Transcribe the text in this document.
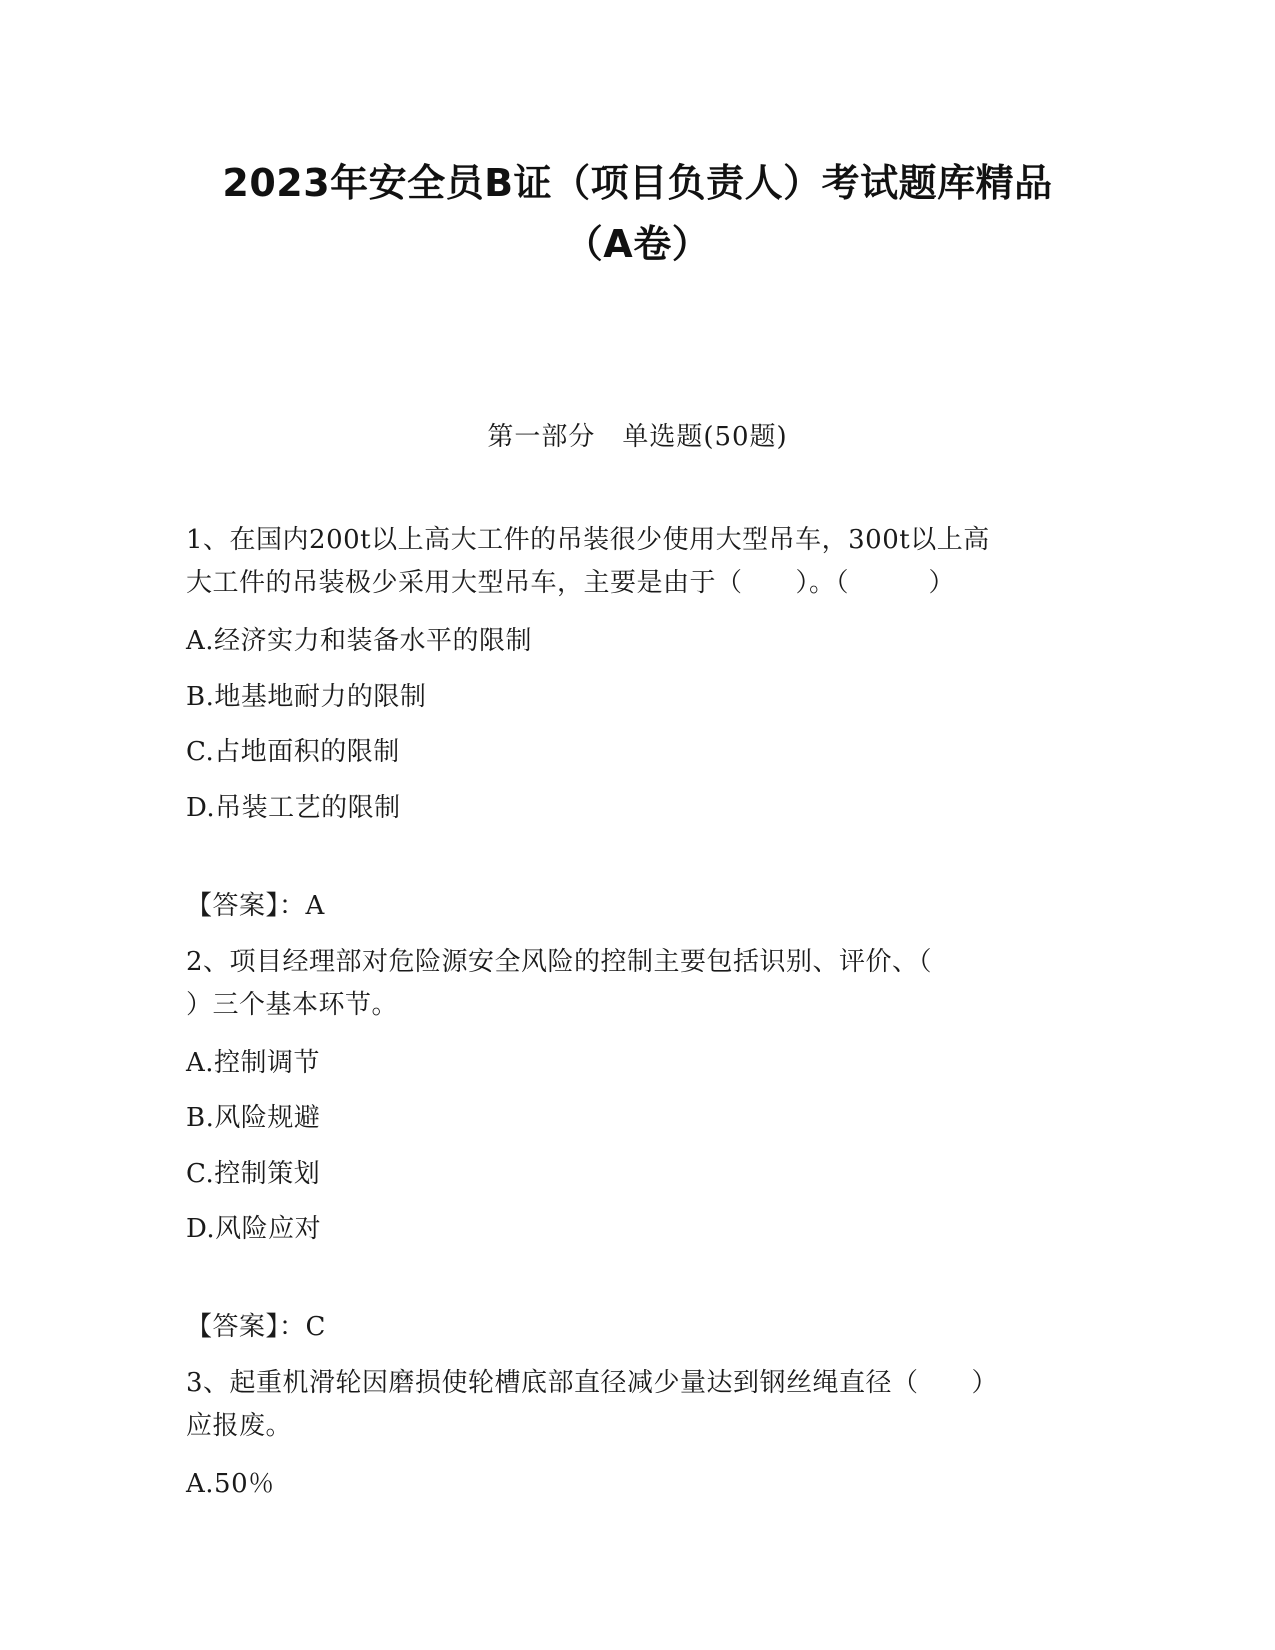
2023年安全员B证（项目负责人）考试题库精品
（A卷）
第一部分　单选题(50题)
1、在国内200t以上高大工件的吊装很少使用大型吊车，300t以上高
大工件的吊装极少采用大型吊车，主要是由于（　　）。（　　　）
A.经济实力和装备水平的限制
B.地基地耐力的限制
C.占地面积的限制
D.吊装工艺的限制
【答案】：A
2、项目经理部对危险源安全风险的控制主要包括识别、评价、（
）三个基本环节。
A.控制调节
B.风险规避
C.控制策划
D.风险应对
【答案】：C
3、起重机滑轮因磨损使轮槽底部直径减少量达到钢丝绳直径（　　）
应报废。
A.50％
